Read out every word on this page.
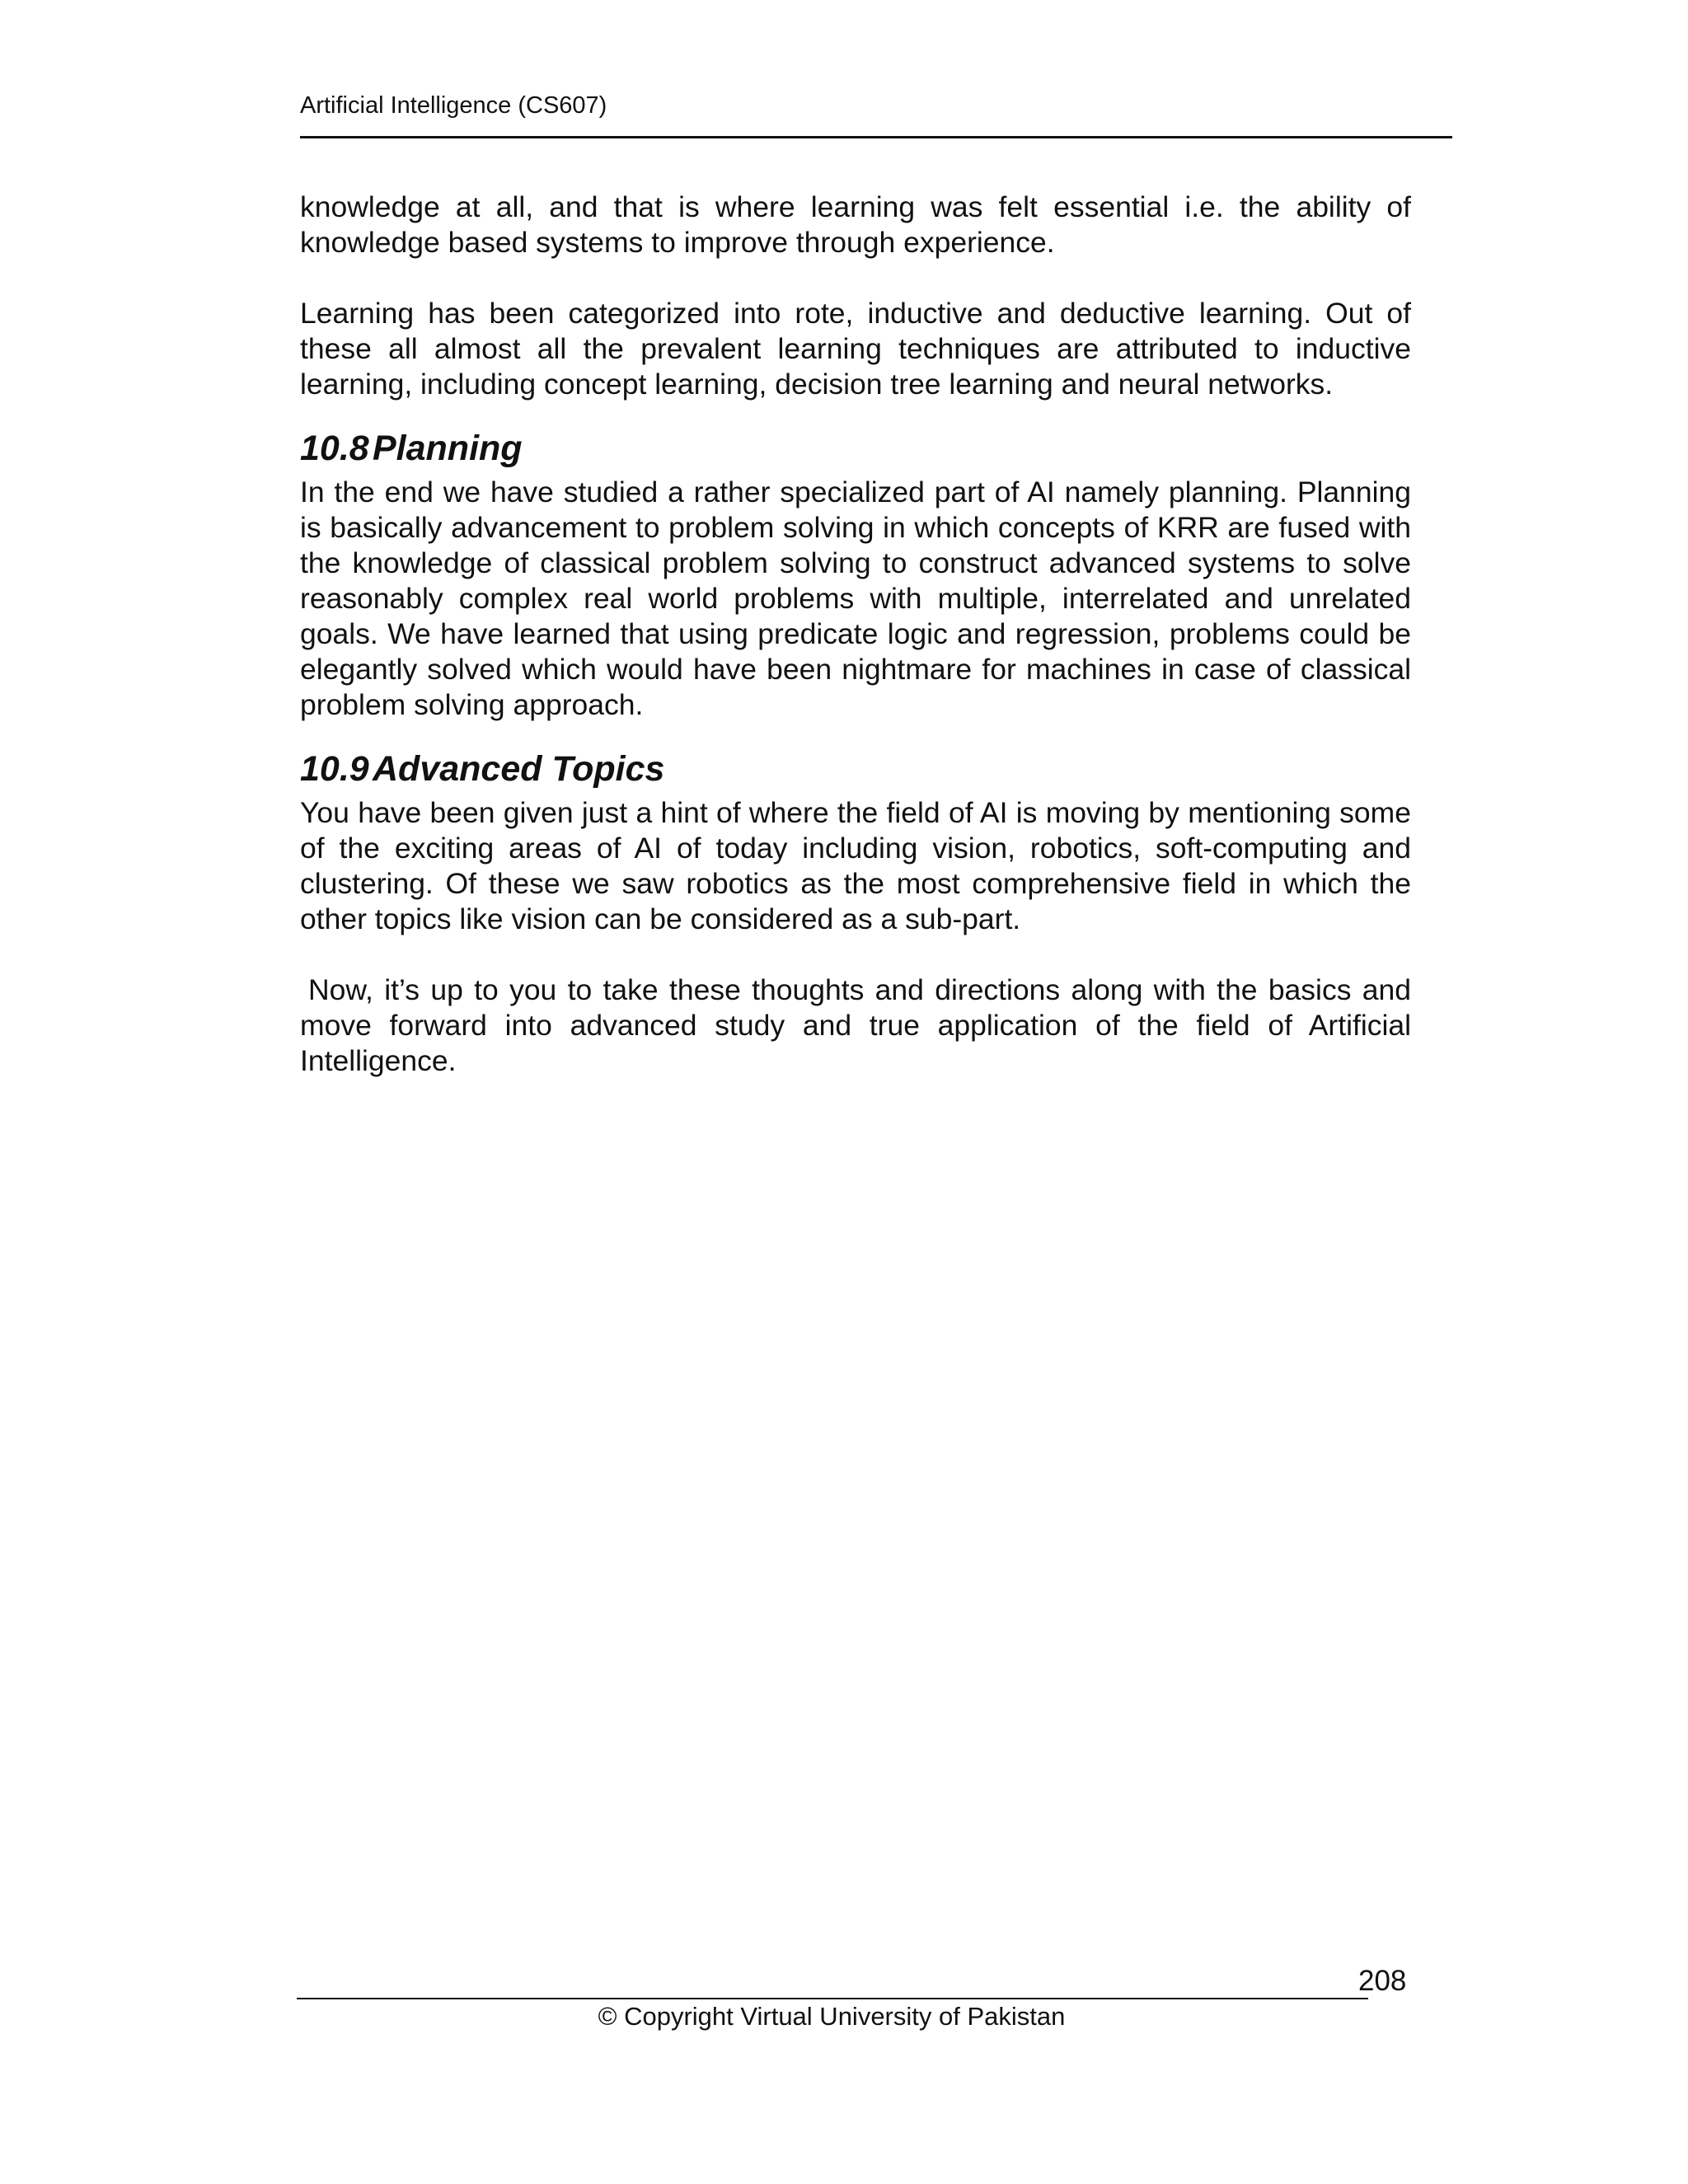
Artificial Intelligence (CS607)

knowledge at all, and that is where learning was felt essential i.e. the ability of knowledge based systems to improve through experience.

Learning has been categorized into rote, inductive and deductive learning. Out of these all almost all the prevalent learning techniques are attributed to inductive learning, including concept learning, decision tree learning and neural networks.

10.8Planning

In the end we have studied a rather specialized part of AI namely planning. Planning is basically advancement to problem solving in which concepts of KRR are fused with the knowledge of classical problem solving to construct advanced systems to solve reasonably complex real world problems with multiple, interrelated and unrelated goals. We have learned that using predicate logic and regression, problems could be elegantly solved which would have been nightmare for machines in case of classical problem solving approach.

10.9Advanced Topics

You have been given just a hint of where the field of AI is moving by mentioning some of the exciting areas of AI of today including vision, robotics, soft-computing and clustering. Of these we saw robotics as the most comprehensive field in which the other topics like vision can be considered as a sub-part.

Now, it’s up to you to take these thoughts and directions along with the basics and move forward into advanced study and true application of the field of Artificial Intelligence.

208
© Copyright Virtual University of Pakistan
